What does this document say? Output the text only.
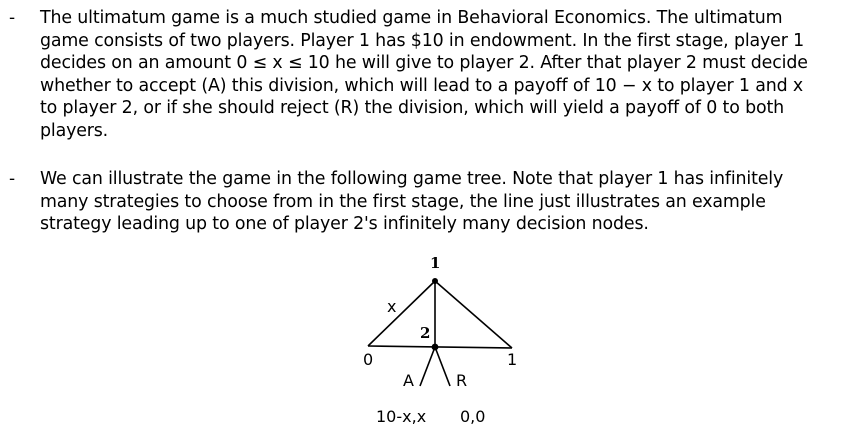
- The ultimatum game is a much studied game in Behavioral Economics. The ultimatum
game consists of two players. Player 1 has $10 in endowment. In the first stage, player 1
decides on an amount 0 ≤ x ≤ 10 he will give to player 2. After that player 2 must decide
whether to accept (A) this division, which will lead to a payoff of 10 − x to player 1 and x
to player 2, or if she should reject (R) the division, which will yield a payoff of 0 to both
players.
- We can illustrate the game in the following game tree. Note that player 1 has infinitely
many strategies to choose from in the first stage, the line just illustrates an example
strategy leading up to one of player 2's infinitely many decision nodes.
1
2
x
0	1
A	R
10-x,x 0,0
